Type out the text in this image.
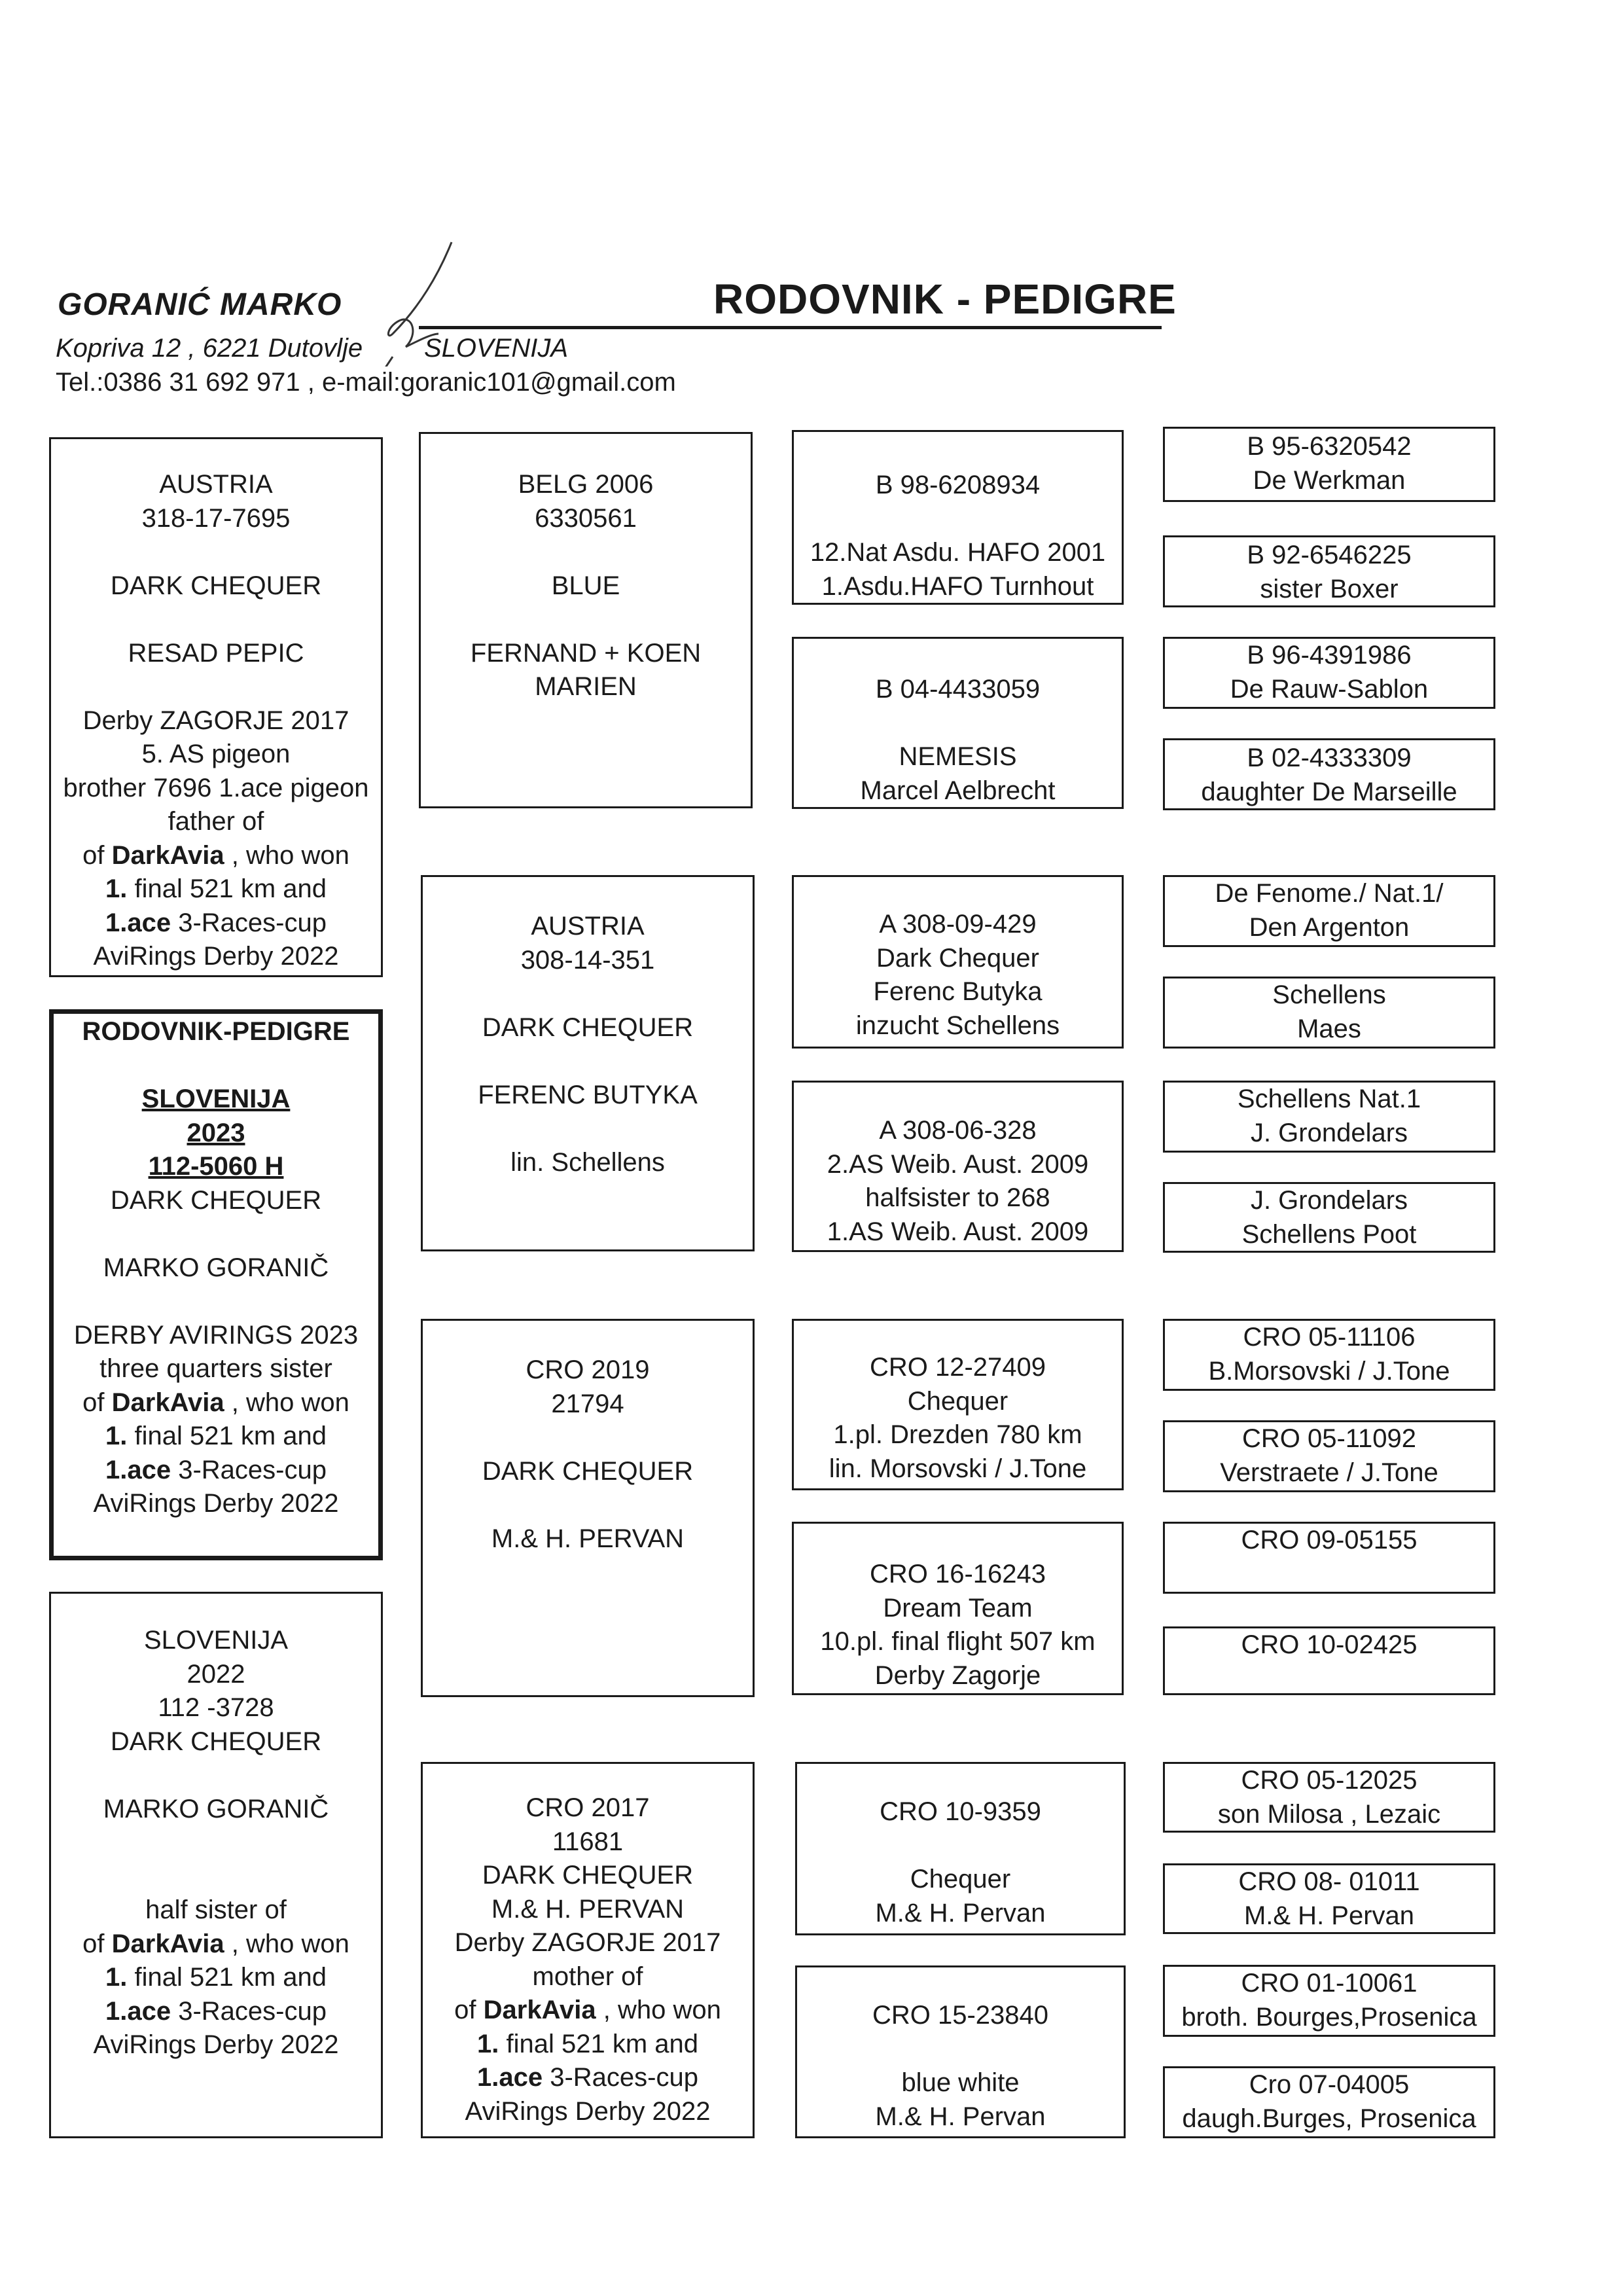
GORANIĆ MARKO
Kopriva 12 , 6221 Dutovlje SLOVENIJA
Tel.:0386 31 692 971 , e-mail:goranic101@gmail.com
RODOVNIK - PEDIGRE
AUSTRIA
318-17-7695
DARK CHEQUER
RESAD PEPIC
Derby ZAGORJE 2017
5. AS pigeon
brother 7696 1.ace pigeon
father of
of DarkAvia , who won
1. final 521 km and
1.ace 3-Races-cup
AviRings Derby 2022
RODOVNIK-PEDIGRE
SLOVENIJA
2023
112-5060 H
DARK CHEQUER
MARKO GORANIČ
DERBY AVIRINGS 2023
three quarters sister
of DarkAvia , who won
1. final 521 km and
1.ace 3-Races-cup
AviRings Derby 2022
SLOVENIJA
2022
112 -3728
DARK CHEQUER
MARKO GORANIČ
half sister of
of DarkAvia , who won
1. final 521 km and
1.ace 3-Races-cup
AviRings Derby 2022
BELG 2006
6330561
BLUE
FERNAND + KOEN
MARIEN
AUSTRIA
308-14-351
DARK CHEQUER
FERENC BUTYKA
lin. Schellens
CRO 2019
21794
DARK CHEQUER
M.& H. PERVAN
CRO 2017
11681
DARK CHEQUER
M.& H. PERVAN
Derby ZAGORJE 2017
mother of
of DarkAvia , who won
1. final 521 km and
1.ace 3-Races-cup
AviRings Derby 2022
B 98-6208934
12.Nat Asdu. HAFO 2001
1.Asdu.HAFO Turnhout
B 04-4433059
NEMESIS
Marcel Aelbrecht
A 308-09-429
Dark Chequer
Ferenc Butyka
inzucht Schellens
A 308-06-328
2.AS Weib. Aust. 2009
halfsister to 268
1.AS Weib. Aust. 2009
CRO 12-27409
Chequer
1.pl. Drezden 780 km
lin. Morsovski / J.Tone
CRO 16-16243
Dream Team
10.pl. final flight 507 km
Derby Zagorje
CRO 10-9359
Chequer
M.& H. Pervan
CRO 15-23840
blue white
M.& H. Pervan
B 95-6320542
De Werkman
B 92-6546225
sister Boxer
B 96-4391986
De Rauw-Sablon
B 02-4333309
daughter De Marseille
De Fenome./ Nat.1/
Den Argenton
Schellens
Maes
Schellens Nat.1
J. Grondelars
J. Grondelars
Schellens Poot
CRO 05-11106
B.Morsovski / J.Tone
CRO 05-11092
Verstraete / J.Tone
CRO 09-05155
CRO 10-02425
CRO 05-12025
son Milosa , Lezaic
CRO 08- 01011
M.& H. Pervan
CRO 01-10061
broth. Bourges,Prosenica
Cro 07-04005
daugh.Burges, Prosenica
